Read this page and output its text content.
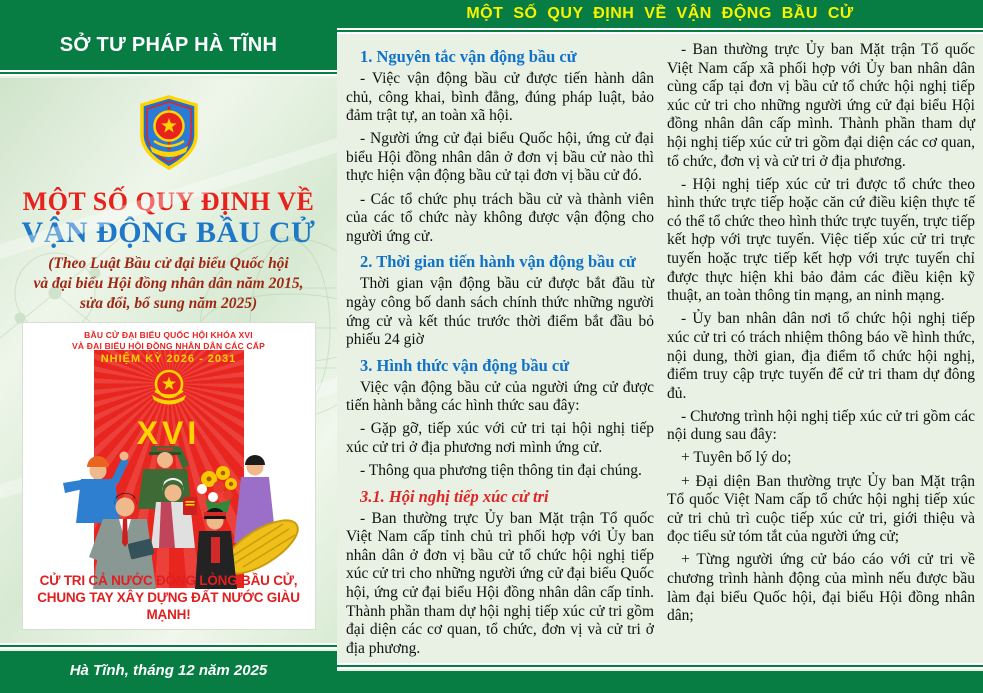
SỞ TƯ PHÁP HÀ TĨNH
MỘT SỐ QUY ĐỊNH VỀ
VẬN ĐỘNG BẦU CỬ
(Theo Luật Bầu cử đại biểu Quốc hội
và đại biểu Hội đồng nhân dân năm 2015,
sửa đổi, bổ sung năm 2025)
BẦU CỬ ĐẠI BIỂU QUỐC HỘI KHÓA XVI
VÀ ĐẠI BIỂU HỘI ĐỒNG NHÂN DÂN CÁC CẤP
NHIỆM KỲ 2026 - 2031
XVI
CỬ TRI CẢ NƯỚC ĐỒNG LÒNG BẦU CỬ,
CHUNG TAY XÂY DỰNG ĐẤT NƯỚC GIÀU MẠNH!
Hà Tĩnh, tháng 12 năm 2025
MỘT SỐ QUY ĐỊNH VỀ VẬN ĐỘNG BẦU CỬ
1. Nguyên tắc vận động bầu cử

- Việc vận động bầu cử được tiến hành dân chủ, công khai, bình đẳng, đúng pháp luật, bảo đảm trật tự, an toàn xã hội.

- Người ứng cử đại biểu Quốc hội, ứng cử đại biểu Hội đồng nhân dân ở đơn vị bầu cử nào thì thực hiện vận động bầu cử tại đơn vị bầu cử đó.

- Các tổ chức phụ trách bầu cử và thành viên của các tổ chức này không được vận động cho người ứng cử.

2. Thời gian tiến hành vận động bầu cử

Thời gian vận động bầu cử được bắt đầu từ ngày công bố danh sách chính thức những người ứng cử và kết thúc trước thời điểm bắt đầu bỏ phiếu 24 giờ

3. Hình thức vận động bầu cử

Việc vận động bầu cử của người ứng cử được tiến hành bằng các hình thức sau đây:

- Gặp gỡ, tiếp xúc với cử tri tại hội nghị tiếp xúc cử tri ở địa phương nơi mình ứng cử.

- Thông qua phương tiện thông tin đại chúng.

3.1. Hội nghị tiếp xúc cử tri

- Ban thường trực Ủy ban Mặt trận Tổ quốc Việt Nam cấp tỉnh chủ trì phối hợp với Ủy ban nhân dân ở đơn vị bầu cử tổ chức hội nghị tiếp xúc cử tri cho những người ứng cử đại biểu Quốc hội, ứng cử đại biểu Hội đồng nhân dân cấp tỉnh. Thành phần tham dự hội nghị tiếp xúc cử tri gồm đại diện các cơ quan, tổ chức, đơn vị và cử tri ở địa phương.

- Ban thường trực Ủy ban Mặt trận Tổ quốc Việt Nam cấp xã phối hợp với Ủy ban nhân dân cùng cấp tại đơn vị bầu cử tổ chức hội nghị tiếp xúc cử tri cho những người ứng cử đại biểu Hội đồng nhân dân cấp mình. Thành phần tham dự hội nghị tiếp xúc cử tri gồm đại diện các cơ quan, tổ chức, đơn vị và cử tri ở địa phương.

- Hội nghị tiếp xúc cử tri được tổ chức theo hình thức trực tiếp hoặc căn cứ điều kiện thực tế có thể tổ chức theo hình thức trực tuyến, trực tiếp kết hợp với trực tuyến. Việc tiếp xúc cử tri trực tuyến hoặc trực tiếp kết hợp với trực tuyến chỉ được thực hiện khi bảo đảm các điều kiện kỹ thuật, an toàn thông tin mạng, an ninh mạng.

- Ủy ban nhân dân nơi tổ chức hội nghị tiếp xúc cử tri có trách nhiệm thông báo về hình thức, nội dung, thời gian, địa điểm tổ chức hội nghị, điểm truy cập trực tuyến để cử tri tham dự đông đủ.

- Chương trình hội nghị tiếp xúc cử tri gồm các nội dung sau đây:

+ Tuyên bố lý do;

+ Đại diện Ban thường trực Ủy ban Mặt trận Tổ quốc Việt Nam cấp tổ chức hội nghị tiếp xúc cử tri chủ trì cuộc tiếp xúc cử tri, giới thiệu và đọc tiểu sử tóm tắt của người ứng cử;

+ Từng người ứng cử báo cáo với cử tri về chương trình hành động của mình nếu được bầu làm đại biểu Quốc hội, đại biểu Hội đồng nhân dân;
